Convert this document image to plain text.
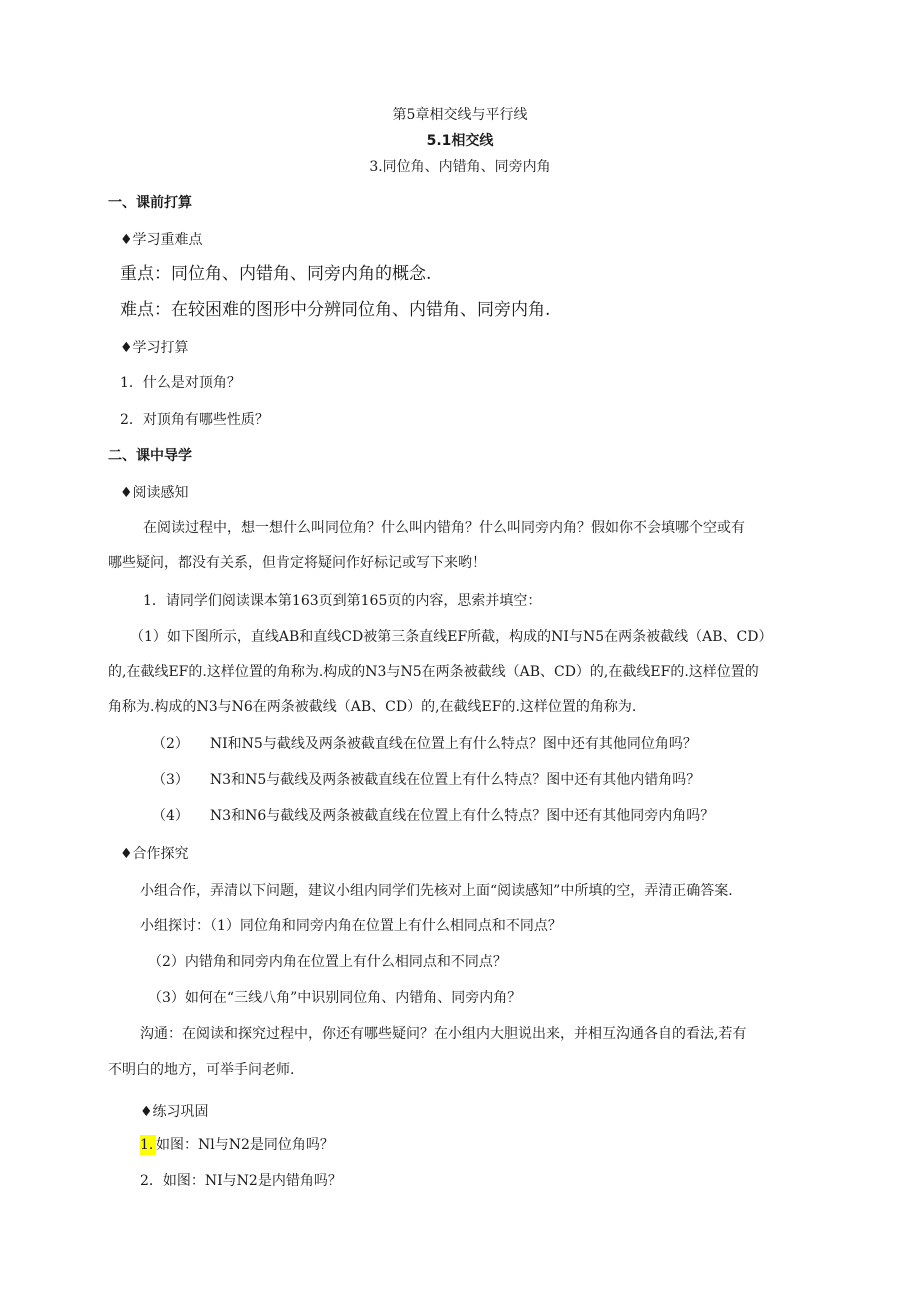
第5章相交线与平行线
5.1相交线
3.同位角、内错角、同旁内角
一、课前打算
♦学习重难点
重点：同位角、内错角、同旁内角的概念.
难点：在较困难的图形中分辨同位角、内错角、同旁内角.
♦学习打算
1．什么是对顶角？
2．对顶角有哪些性质？
二、课中导学
♦阅读感知
在阅读过程中，想一想什么叫同位角？什么叫内错角？什么叫同旁内角？假如你不会填哪个空或有
哪些疑问，都没有关系，但肯定将疑问作好标记或写下来哟！
1．请同学们阅读课本第163页到第165页的内容，思索并填空：
（1）如下图所示，直线AB和直线CD被第三条直线EF所截，构成的NI与N5在两条被截线（AB、CD）
的,在截线EF的.这样位置的角称为.构成的N3与N5在两条被截线（AB、CD）的,在截线EF的.这样位置的
角称为.构成的N3与N6在两条被截线（AB、CD）的,在截线EF的.这样位置的角称为.
（2）　　NI和N5与截线及两条被截直线在位置上有什么特点？图中还有其他同位角吗？
（3）　　N3和N5与截线及两条被截直线在位置上有什么特点？图中还有其他内错角吗？
（4）　　N3和N6与截线及两条被截直线在位置上有什么特点？图中还有其他同旁内角吗？
♦合作探究
小组合作，弄清以下问题，建议小组内同学们先核对上面“阅读感知”中所填的空，弄清正确答案.
小组探讨：（1）同位角和同旁内角在位置上有什么相同点和不同点？
（2）内错角和同旁内角在位置上有什么相同点和不同点？
（3）如何在“三线八角”中识别同位角、内错角、同旁内角？
沟通：在阅读和探究过程中，你还有哪些疑问？在小组内大胆说出来，并相互沟通各自的看法,若有
不明白的地方，可举手问老师.
♦练习巩固
1. 如图：Nl与N2是同位角吗？
2．如图：NI与N2是内错角吗？
